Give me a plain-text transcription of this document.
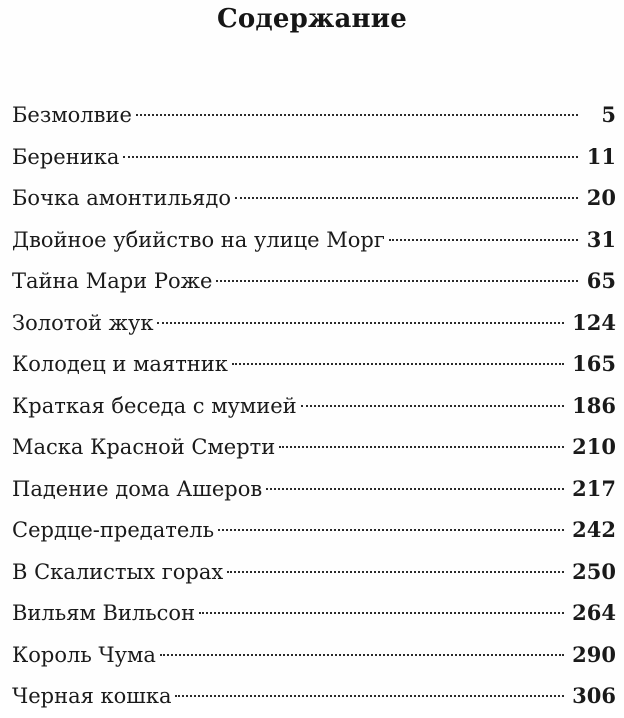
Содержание
Безмолвие	5
Береника	11
Бочка амонтильядо	20
Двойное убийство на улице Морг	31
Тайна Мари Роже	65
Золотой жук	124
Колодец и маятник	165
Краткая беседа с мумией	186
Маска Красной Смерти	210
Падение дома Ашеров	217
Сердце-предатель	242
В Скалистых горах	250
Вильям Вильсон	264
Король Чума	290
Черная кошка	306
